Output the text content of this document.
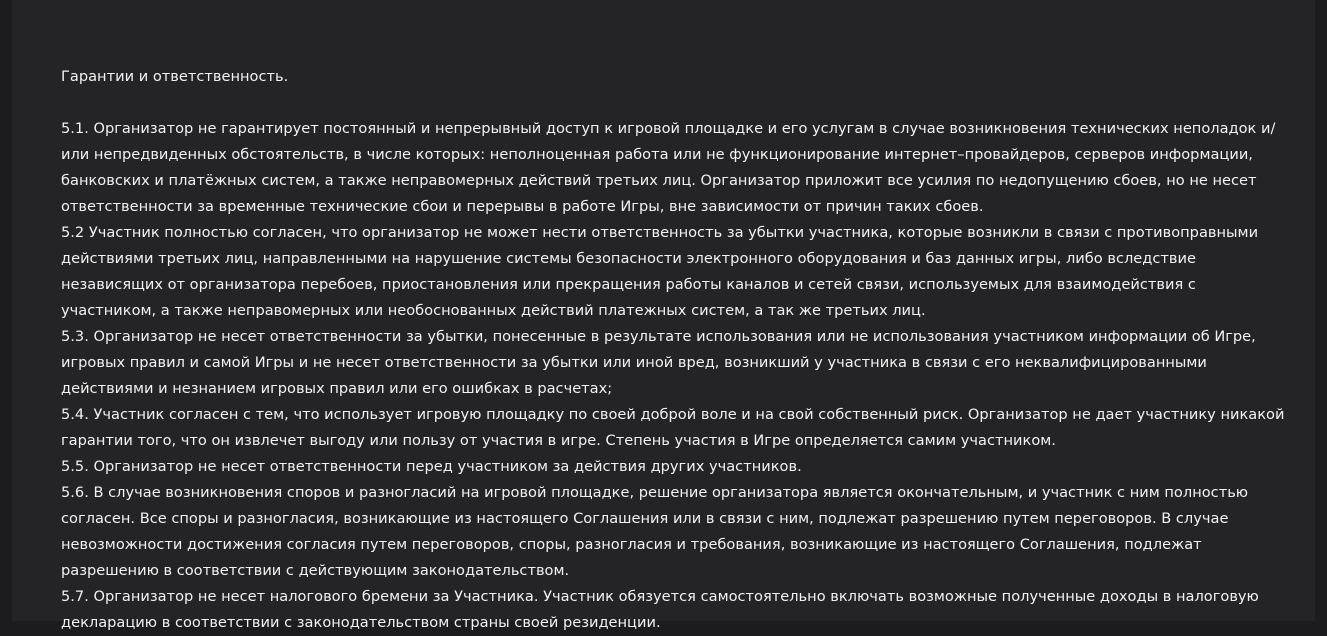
Гарантии и ответственность.

5.1. Организатор не гарантирует постоянный и непрерывный доступ к игровой площадке и его услугам в случае возникновения технических неполадок и/или непредвиденных обстоятельств, в числе которых: неполноценная работа или не функционирование интернет–провайдеров, серверов информации, банковских и платёжных систем, а также неправомерных действий третьих лиц. Организатор приложит все усилия по недопущению сбоев, но не несет ответственности за временные технические сбои и перерывы в работе Игры, вне зависимости от причин таких сбоев.

5.2 Участник полностью согласен, что организатор не может нести ответственность за убытки участника, которые возникли в связи с противоправными действиями третьих лиц, направленными на нарушение системы безопасности электронного оборудования и баз данных игры, либо вследствие независящих от организатора перебоев, приостановления или прекращения работы каналов и сетей связи, используемых для взаимодействия с участником, а также неправомерных или необоснованных действий платежных систем, а так же третьих лиц.

5.3. Организатор не несет ответственности за убытки, понесенные в результате использования или не использования участником информации об Игре, игровых правил и самой Игры и не несет ответственности за убытки или иной вред, возникший у участника в связи с его неквалифицированными действиями и незнанием игровых правил или его ошибках в расчетах;

5.4. Участник согласен с тем, что использует игровую площадку по своей доброй воле и на свой собственный риск. Организатор не дает участнику никакой гарантии того, что он извлечет выгоду или пользу от участия в игре. Степень участия в Игре определяется самим участником.

5.5. Организатор не несет ответственности перед участником за действия других участников.

5.6. В случае возникновения споров и разногласий на игровой площадке, решение организатора является окончательным, и участник с ним полностью согласен. Все споры и разногласия, возникающие из настоящего Соглашения или в связи с ним, подлежат разрешению путем переговоров. В случае невозможности достижения согласия путем переговоров, споры, разногласия и требования, возникающие из настоящего Соглашения, подлежат разрешению в соответствии с действующим законодательством.

5.7. Организатор не несет налогового бремени за Участника. Участник обязуется самостоятельно включать возможные полученные доходы в налоговую декларацию в соответствии с законодательством страны своей резиденции.
